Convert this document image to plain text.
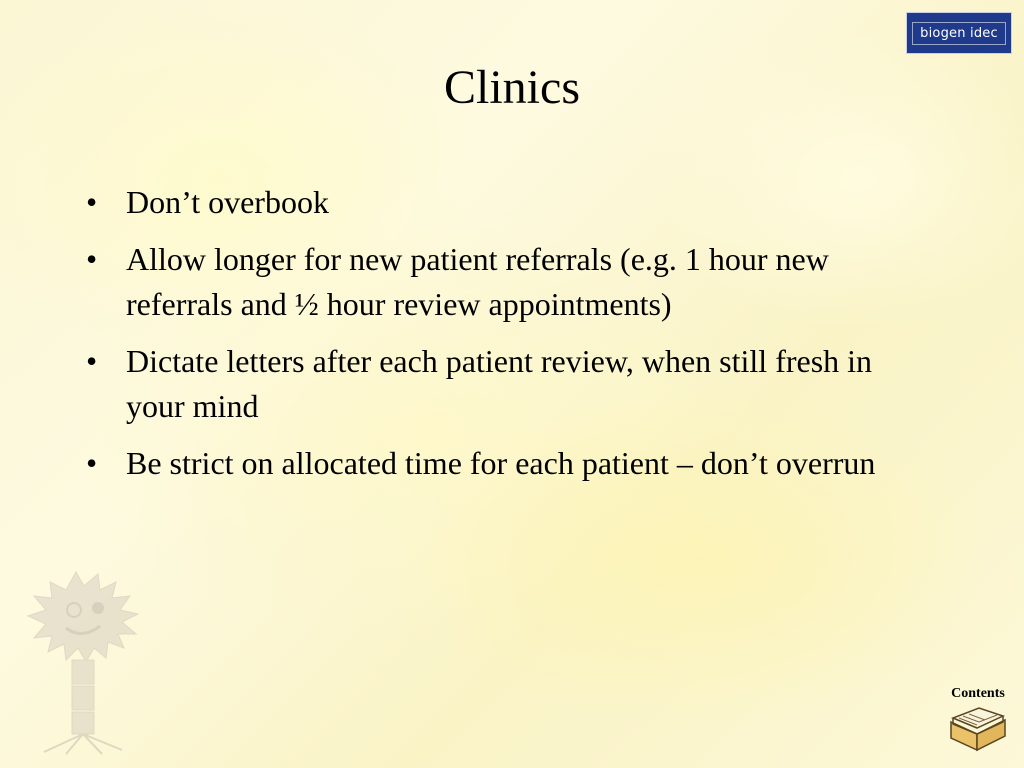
biogen idec
Clinics
• Don’t overbook
• Allow longer for new patient referrals (e.g. 1 hour new referrals and ½ hour review appointments)
• Dictate letters after each patient review, when still fresh in your mind
• Be strict on allocated time for each patient – don’t overrun
Contents
